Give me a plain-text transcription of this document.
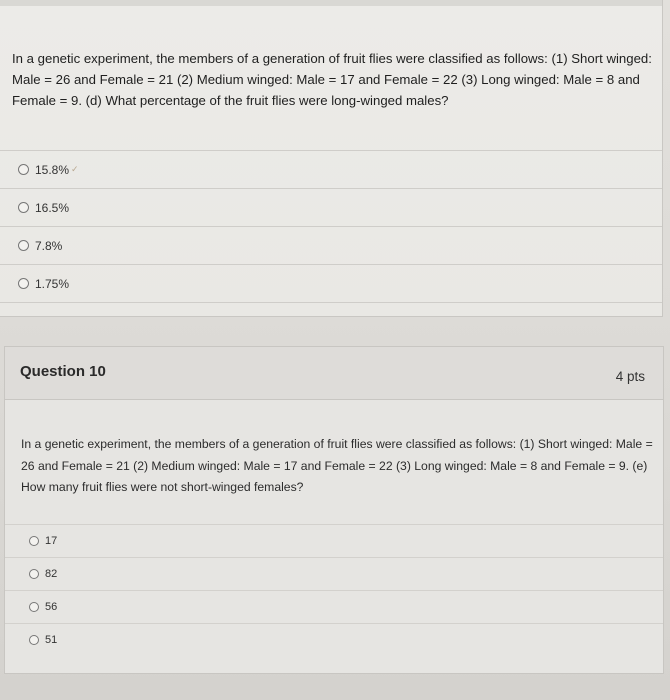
In a genetic experiment, the members of a generation of fruit flies were classified as follows: (1) Short winged: Male = 26 and Female = 21 (2) Medium winged: Male = 17 and Female = 22 (3) Long winged: Male = 8 and Female = 9. (d) What percentage of the fruit flies were long-winged males?
15.8% ✓
16.5%
7.8%
1.75%
Question 10	4 pts
In a genetic experiment, the members of a generation of fruit flies were classified as follows: (1) Short winged: Male = 26 and Female = 21 (2) Medium winged: Male = 17 and Female = 22 (3) Long winged: Male = 8 and Female = 9. (e) How many fruit flies were not short-winged females?
17
82
56
51
